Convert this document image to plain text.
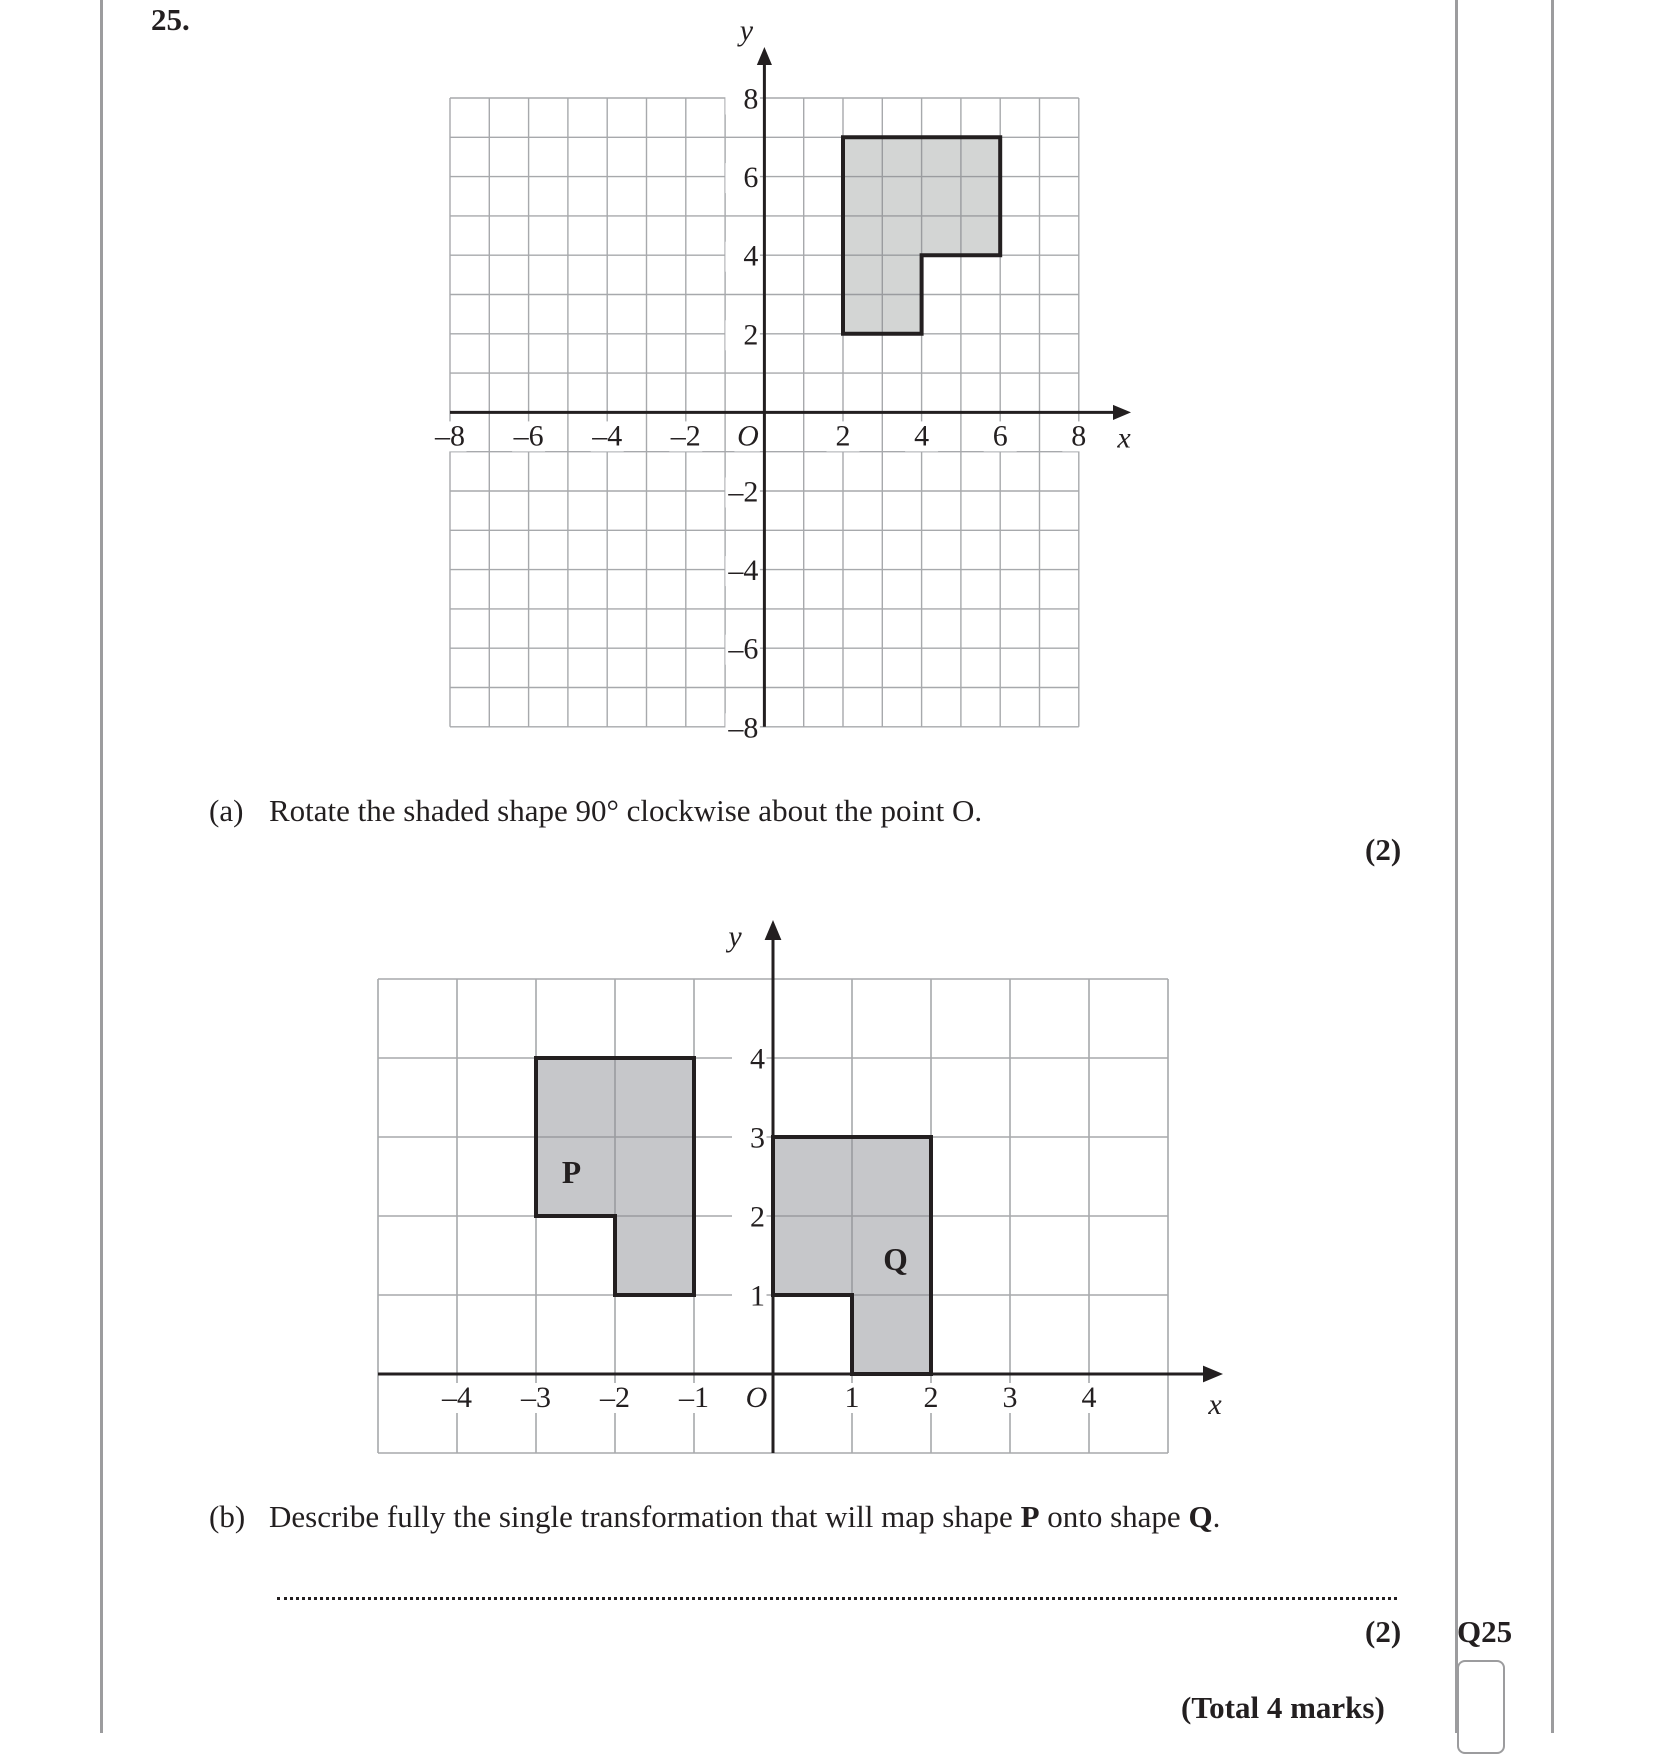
25.
–8 –6 –4 –2	2 4 6 8
8
6
4
2
–2
–4
–6
–8
O	x
y
(a) Rotate the shaded shape 90° clockwise about the point O.
(2)
P
Q
–4 –3 –2 –1	1 2 3 4
4
3
2
1
O	x
y
(b) Describe fully the single transformation that will map shape P onto shape Q.
(2) Q25
(Total 4 marks)
